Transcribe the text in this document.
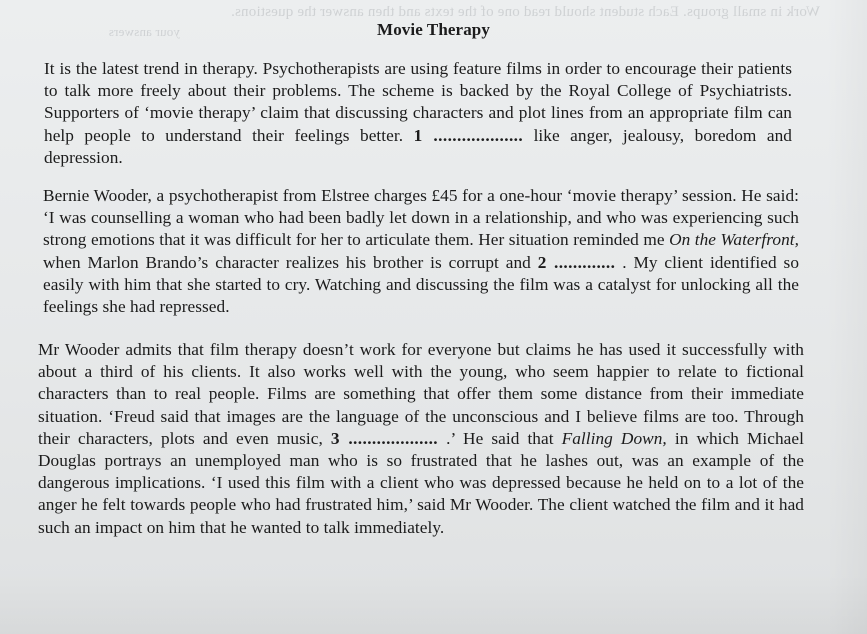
Work in small groups. Each student should read one of the texts and then answer the questions.
your answers	Movie Therapy

It is the latest trend in therapy. Psychotherapists are using feature films in order to encourage their patients to talk more freely about their problems. The scheme is backed by the Royal College of Psychiatrists. Supporters of ‘movie therapy’ claim that discussing characters and plot lines from an appropriate film can help people to understand their feelings better. 1 ................... like anger, jealousy, boredom and depression.

Bernie Wooder, a psychotherapist from Elstree charges £45 for a one-hour ‘movie therapy’ session. He said: ‘I was counselling a woman who had been badly let down in a relationship, and who was experiencing such strong emotions that it was difficult for her to articulate them. Her situation reminded me On the Waterfront, when Marlon Brando’s character realizes his brother is corrupt and 2 ............. . My client identified so easily with him that she started to cry. Watching and discussing the film was a catalyst for unlocking all the feelings she had repressed.

Mr Wooder admits that film therapy doesn’t work for everyone but claims he has used it successfully with about a third of his clients. It also works well with the young, who seem happier to relate to fictional characters than to real people. Films are something that offer them some distance from their immediate situation. ‘Freud said that images are the language of the unconscious and I believe films are too. Through their characters, plots and even music, 3 ................... .’ He said that Falling Down, in which Michael Douglas portrays an unemployed man who is so frustrated that he lashes out, was an example of the dangerous implications. ‘I used this film with a client who was depressed because he held on to a lot of the anger he felt towards people who had frustrated him,’ said Mr Wooder. The client watched the film and it had such an impact on him that he wanted to talk immediately.
